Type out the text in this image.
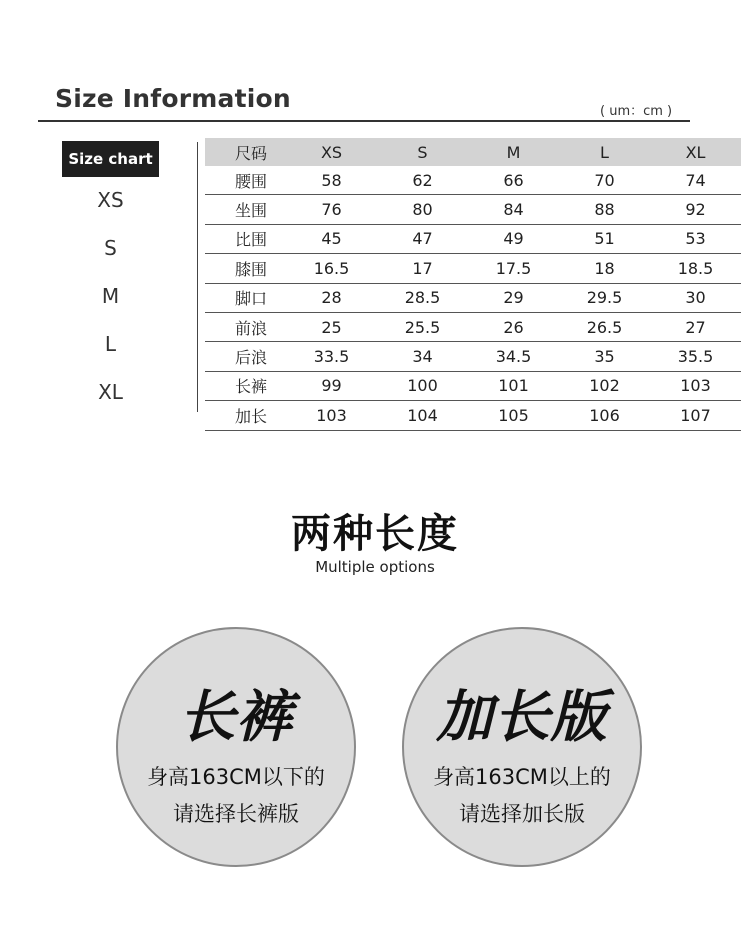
Size Information	( um：cm )
Size chart
XS
S
M
L
XL
尺码	XS	S	M	L	XL
腰围	58	62	66	70	74
坐围	76	80	84	88	92
比围	45	47	49	51	53
膝围	16.5	17	17.5	18	18.5
脚口	28	28.5	29	29.5	30
前浪	25	25.5	26	26.5	27
后浪	33.5	34	34.5	35	35.5
长裤	99	100	101	102	103
加长	103	104	105	106	107
两种长度
Multiple options
长裤
身高163CM以下的
请选择长裤版
加长版
身高163CM以上的
请选择加长版
